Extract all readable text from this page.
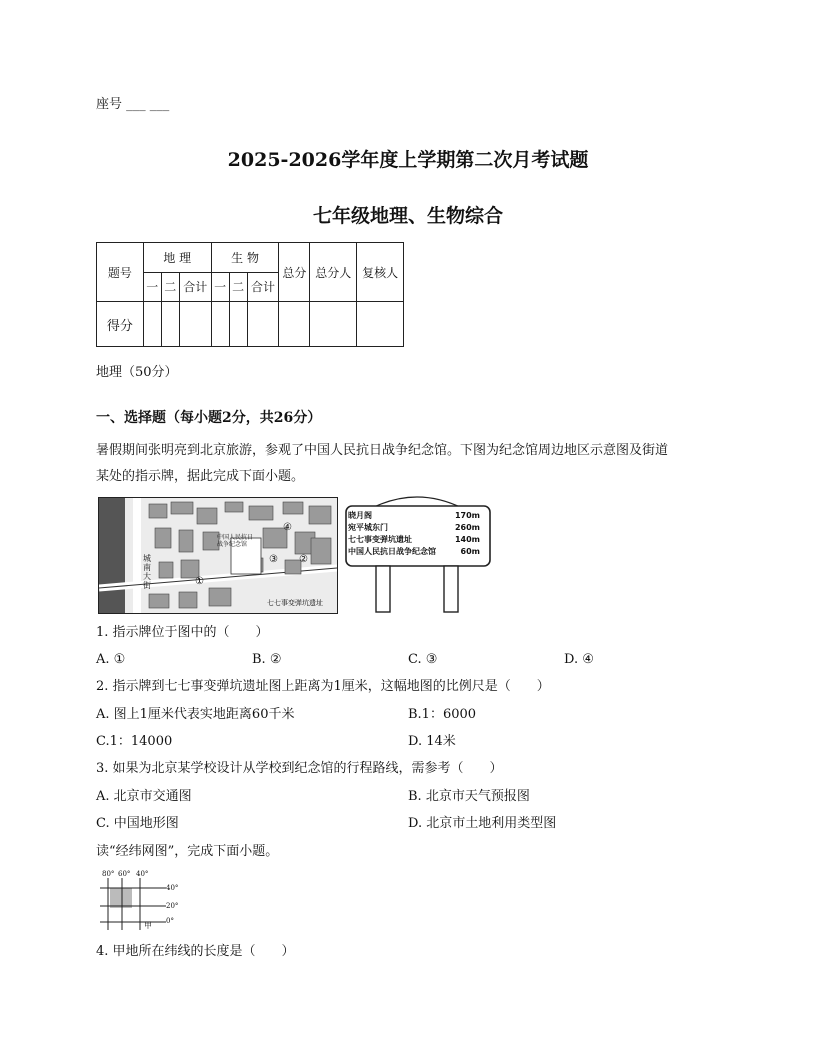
座号 ___ ___
2025-2026学年度上学期第二次月考试题
七年级地理、生物综合
题号	地 理			生 物			总分	总分人	复核人
	一	二	合计	一	二	合计			
得分									
地理（50分）
一、选择题（每小题2分，共26分）
暑假期间张明亮到北京旅游，参观了中国人民抗日战争纪念馆。下图为纪念馆周边地区示意图及街道
某处的指示牌，据此完成下面小题。
城南大街
中国人民抗日战争纪念馆
七七事变弹坑遗址
①
④
③ ②
晓月阁	170m
宛平城东门	260m
七七事变弹坑遗址	140m
中国人民抗日战争纪念馆	60m
1. 指示牌位于图中的（　　）
A. ①	B. ②	C. ③	D. ④
2. 指示牌到七七事变弹坑遗址图上距离为1厘米，这幅地图的比例尺是（　　）
A. 图上1厘米代表实地距离60千米	B.1：6000
C.1：14000	D. 14米
3. 如果为北京某学校设计从学校到纪念馆的行程路线，需参考（　　）
A. 北京市交通图	B. 北京市天气预报图
C. 中国地形图	D. 北京市土地利用类型图
读“经纬网图”，完成下面小题。
80° 60° 40°
40°
20°
0°
甲
4. 甲地所在纬线的长度是（　　）
